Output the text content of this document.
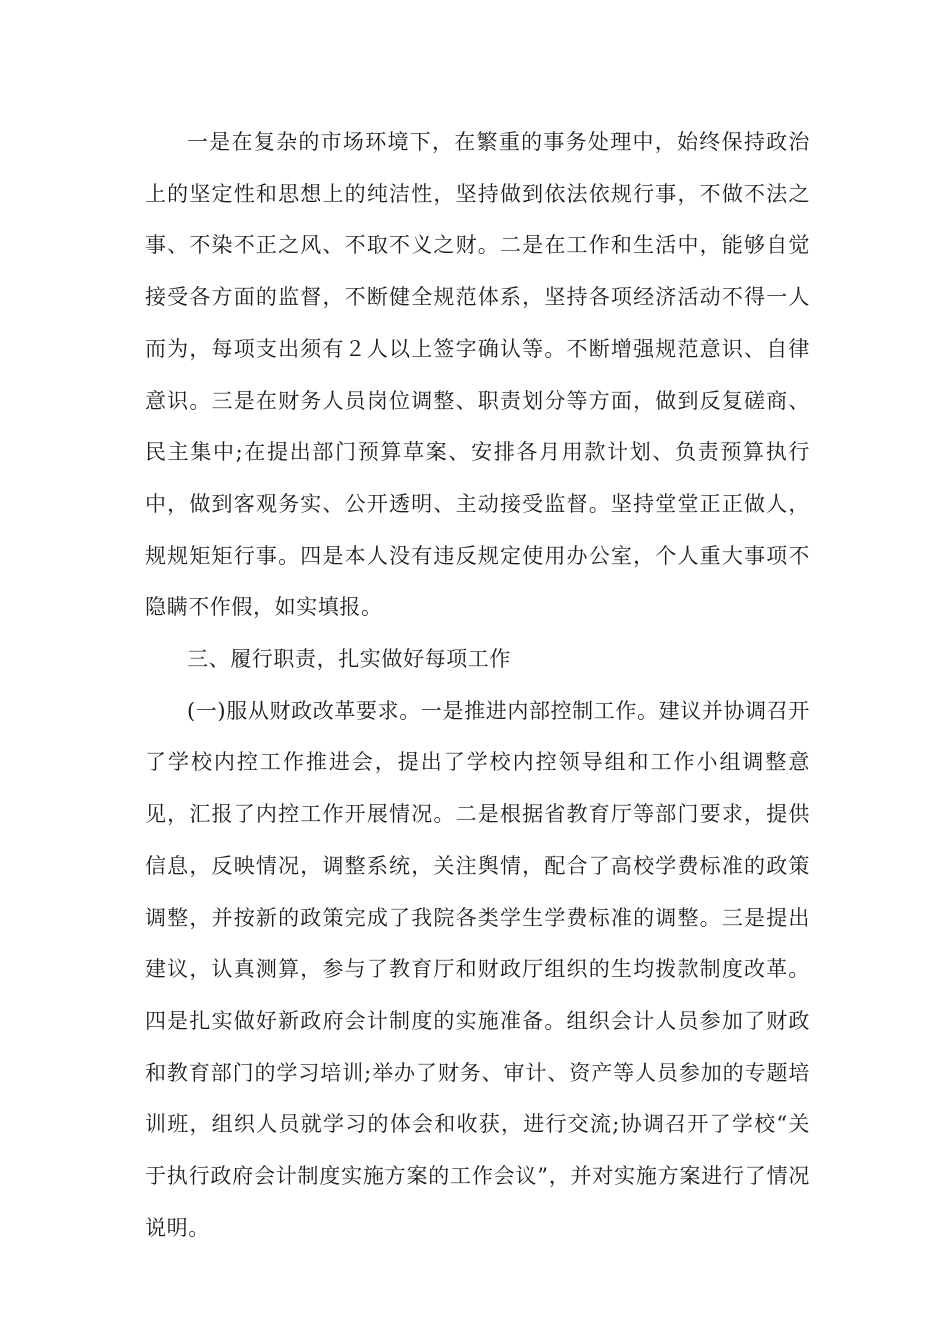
一是在复杂的市场环境下，在繁重的事务处理中，始终保持政治上的坚定性和思想上的纯洁性，坚持做到依法依规行事，不做不法之事、不染不正之风、不取不义之财。二是在工作和生活中，能够自觉接受各方面的监督，不断健全规范体系，坚持各项经济活动不得一人而为，每项支出须有２人以上签字确认等。不断增强规范意识、自律意识。三是在财务人员岗位调整、职责划分等方面，做到反复磋商、民主集中;在提出部门预算草案、安排各月用款计划、负责预算执行中，做到客观务实、公开透明、主动接受监督。坚持堂堂正正做人，规规矩矩行事。四是本人没有违反规定使用办公室，个人重大事项不隐瞒不作假，如实填报。

三、履行职责，扎实做好每项工作

(一)服从财政改革要求。一是推进内部控制工作。建议并协调召开了学校内控工作推进会，提出了学校内控领导组和工作小组调整意见，汇报了内控工作开展情况。二是根据省教育厅等部门要求，提供信息，反映情况，调整系统，关注舆情，配合了高校学费标准的政策调整，并按新的政策完成了我院各类学生学费标准的调整。三是提出建议，认真测算，参与了教育厅和财政厅组织的生均拨款制度改革。四是扎实做好新政府会计制度的实施准备。组织会计人员参加了财政和教育部门的学习培训;举办了财务、审计、资产等人员参加的专题培训班，组织人员就学习的体会和收获，进行交流;协调召开了学校“关于执行政府会计制度实施方案的工作会议”，并对实施方案进行了情况说明。
